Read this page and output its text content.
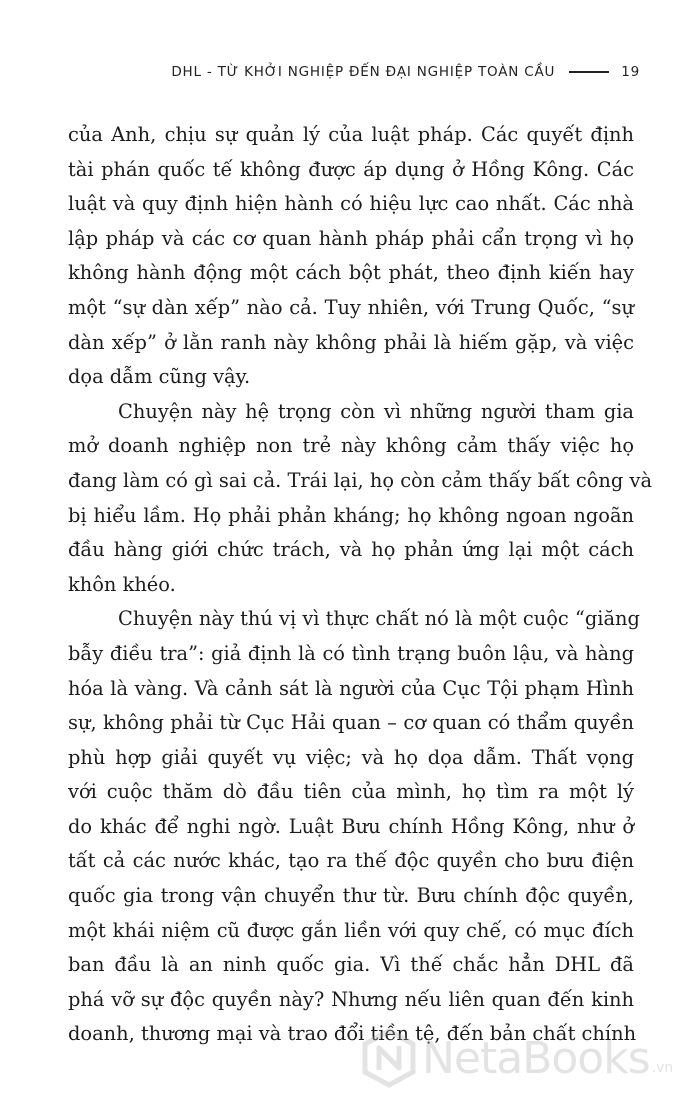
DHL - TỪ KHỞI NGHIỆP ĐẾN ĐẠI NGHIỆP TOÀN CẦU	19
của Anh, chịu sự quản lý của luật pháp. Các quyết định
tài phán quốc tế không được áp dụng ở Hồng Kông. Các
luật và quy định hiện hành có hiệu lực cao nhất. Các nhà
lập pháp và các cơ quan hành pháp phải cẩn trọng vì họ
không hành động một cách bột phát, theo định kiến hay
một “sự dàn xếp” nào cả. Tuy nhiên, với Trung Quốc, “sự
dàn xếp” ở lằn ranh này không phải là hiếm gặp, và việc
dọa dẫm cũng vậy.
Chuyện này hệ trọng còn vì những người tham gia
mở doanh nghiệp non trẻ này không cảm thấy việc họ
đang làm có gì sai cả. Trái lại, họ còn cảm thấy bất công và
bị hiểu lầm. Họ phải phản kháng; họ không ngoan ngoãn
đầu hàng giới chức trách, và họ phản ứng lại một cách
khôn khéo.
Chuyện này thú vị vì thực chất nó là một cuộc “giăng
bẫy điều tra”: giả định là có tình trạng buôn lậu, và hàng
hóa là vàng. Và cảnh sát là người của Cục Tội phạm Hình
sự, không phải từ Cục Hải quan – cơ quan có thẩm quyền
phù hợp giải quyết vụ việc; và họ dọa dẫm. Thất vọng
với cuộc thăm dò đầu tiên của mình, họ tìm ra một lý
do khác để nghi ngờ. Luật Bưu chính Hồng Kông, như ở
tất cả các nước khác, tạo ra thế độc quyền cho bưu điện
quốc gia trong vận chuyển thư từ. Bưu chính độc quyền,
một khái niệm cũ được gắn liền với quy chế, có mục đích
ban đầu là an ninh quốc gia. Vì thế chắc hẳn DHL đã
phá vỡ sự độc quyền này? Nhưng nếu liên quan đến kinh
doanh, thương mại và trao đổi tiền tệ, đến bản chất chính
NetaBooks .vn
